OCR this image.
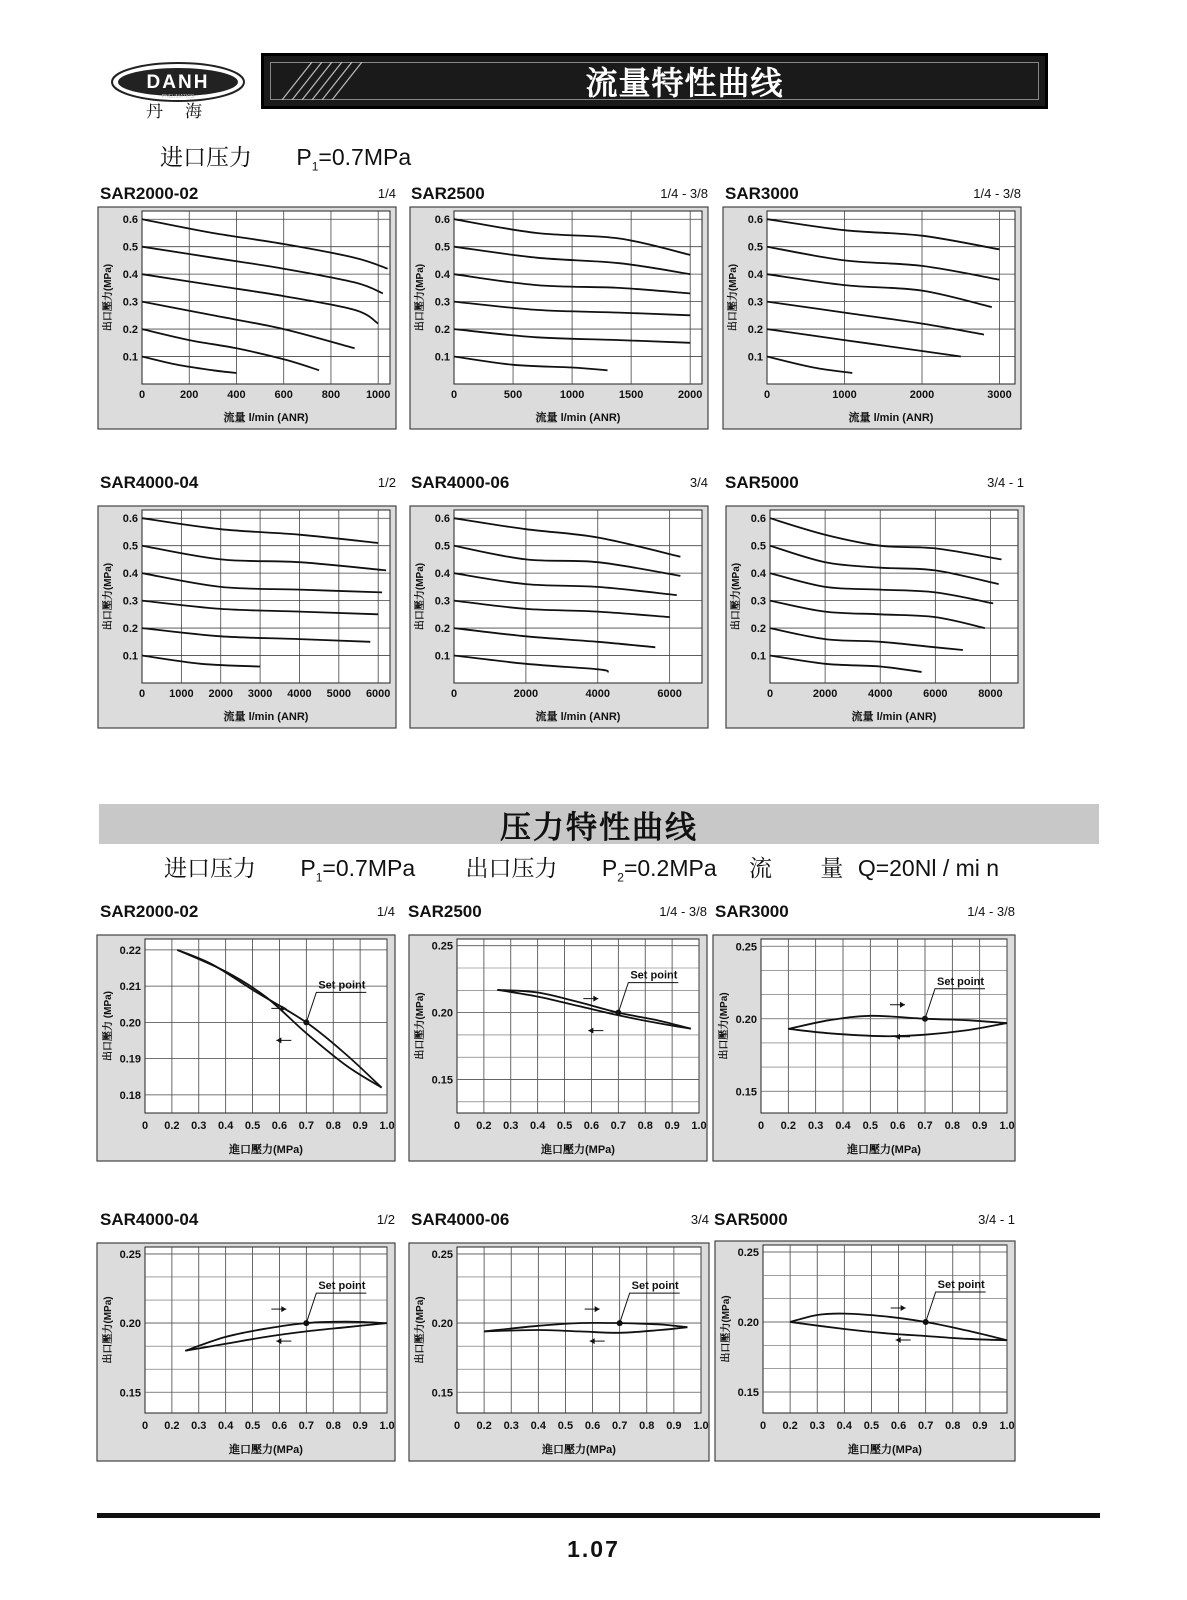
DANH
PNEUMATICS
丹海
流量特性曲线
进口压力 $P_1=0.7MPa$
压力特性曲线
进口压力 $P_1=0.7MPa$ 出口压力 $P_2=0.2MPa$ 流 量 Q=20Nl / mi n
SAR2000-02	1/4
0	200	400	600	800 1000
0.1
0.2
0.3
0.4
0.5
0.6
流量 l/min (ANR)
出口壓力(MPa)
SAR2500	1/4 - 3/8
0	500	1000	1500	2000
0.1
0.2
0.3
0.4
0.5
0.6
流量 l/min (ANR)
出口壓力(MPa)
SAR3000	1/4 - 3/8
0	1000	2000	3000
0.1
0.2
0.3
0.4
0.5
0.6
流量 l/min (ANR)
出口壓力(MPa)
SAR4000-04	1/2
0 1000 2000 3000 4000 5000 6000
0.1
0.2
0.3
0.4
0.5
0.6
流量 l/min (ANR)
出口壓力(MPa)
SAR4000-06	3/4
0	2000	4000	6000
0.1
0.2
0.3
0.4
0.5
0.6
流量 l/min (ANR)
出口壓力(MPa)
SAR5000	3/4 - 1
0	2000	4000	6000	8000
0.1
0.2
0.3
0.4
0.5
0.6
流量 l/min (ANR)
出口壓力(MPa)
SAR2000-02	1/4
0 0.2 0.3 0.4 0.5 0.6 0.7 0.8 0.9 1.0
0.18
0.19
0.20
0.21
0.22
進口壓力(MPa)
出口壓力 (MPa)
Set point
SAR2500	1/4 - 3/8
0 0.2 0.3 0.4 0.5 0.6 0.7 0.8 0.9 1.0
0.15
0.20
0.25
進口壓力(MPa)
出口壓力(MPa)
Set point
SAR3000	1/4 - 3/8
0 0.2 0.3 0.4 0.5 0.6 0.7 0.8 0.9 1.0
0.15
0.20
0.25
進口壓力(MPa)
出口壓力(MPa)
Set point
SAR4000-04	1/2
0 0.2 0.3 0.4 0.5 0.6 0.7 0.8 0.9 1.0
0.15
0.20
0.25
進口壓力(MPa)
出口壓力(MPa)
Set point
SAR4000-06	3/4
0 0.2 0.3 0.4 0.5 0.6 0.7 0.8 0.9 1.0
0.15
0.20
0.25
進口壓力(MPa)
出口壓力(MPa)
Set point
SAR5000	3/4 - 1
0 0.2 0.3 0.4 0.5 0.6 0.7 0.8 0.9 1.0
0.15
0.20
0.25
進口壓力(MPa)
出口壓力(MPa)
Set point
1.07
